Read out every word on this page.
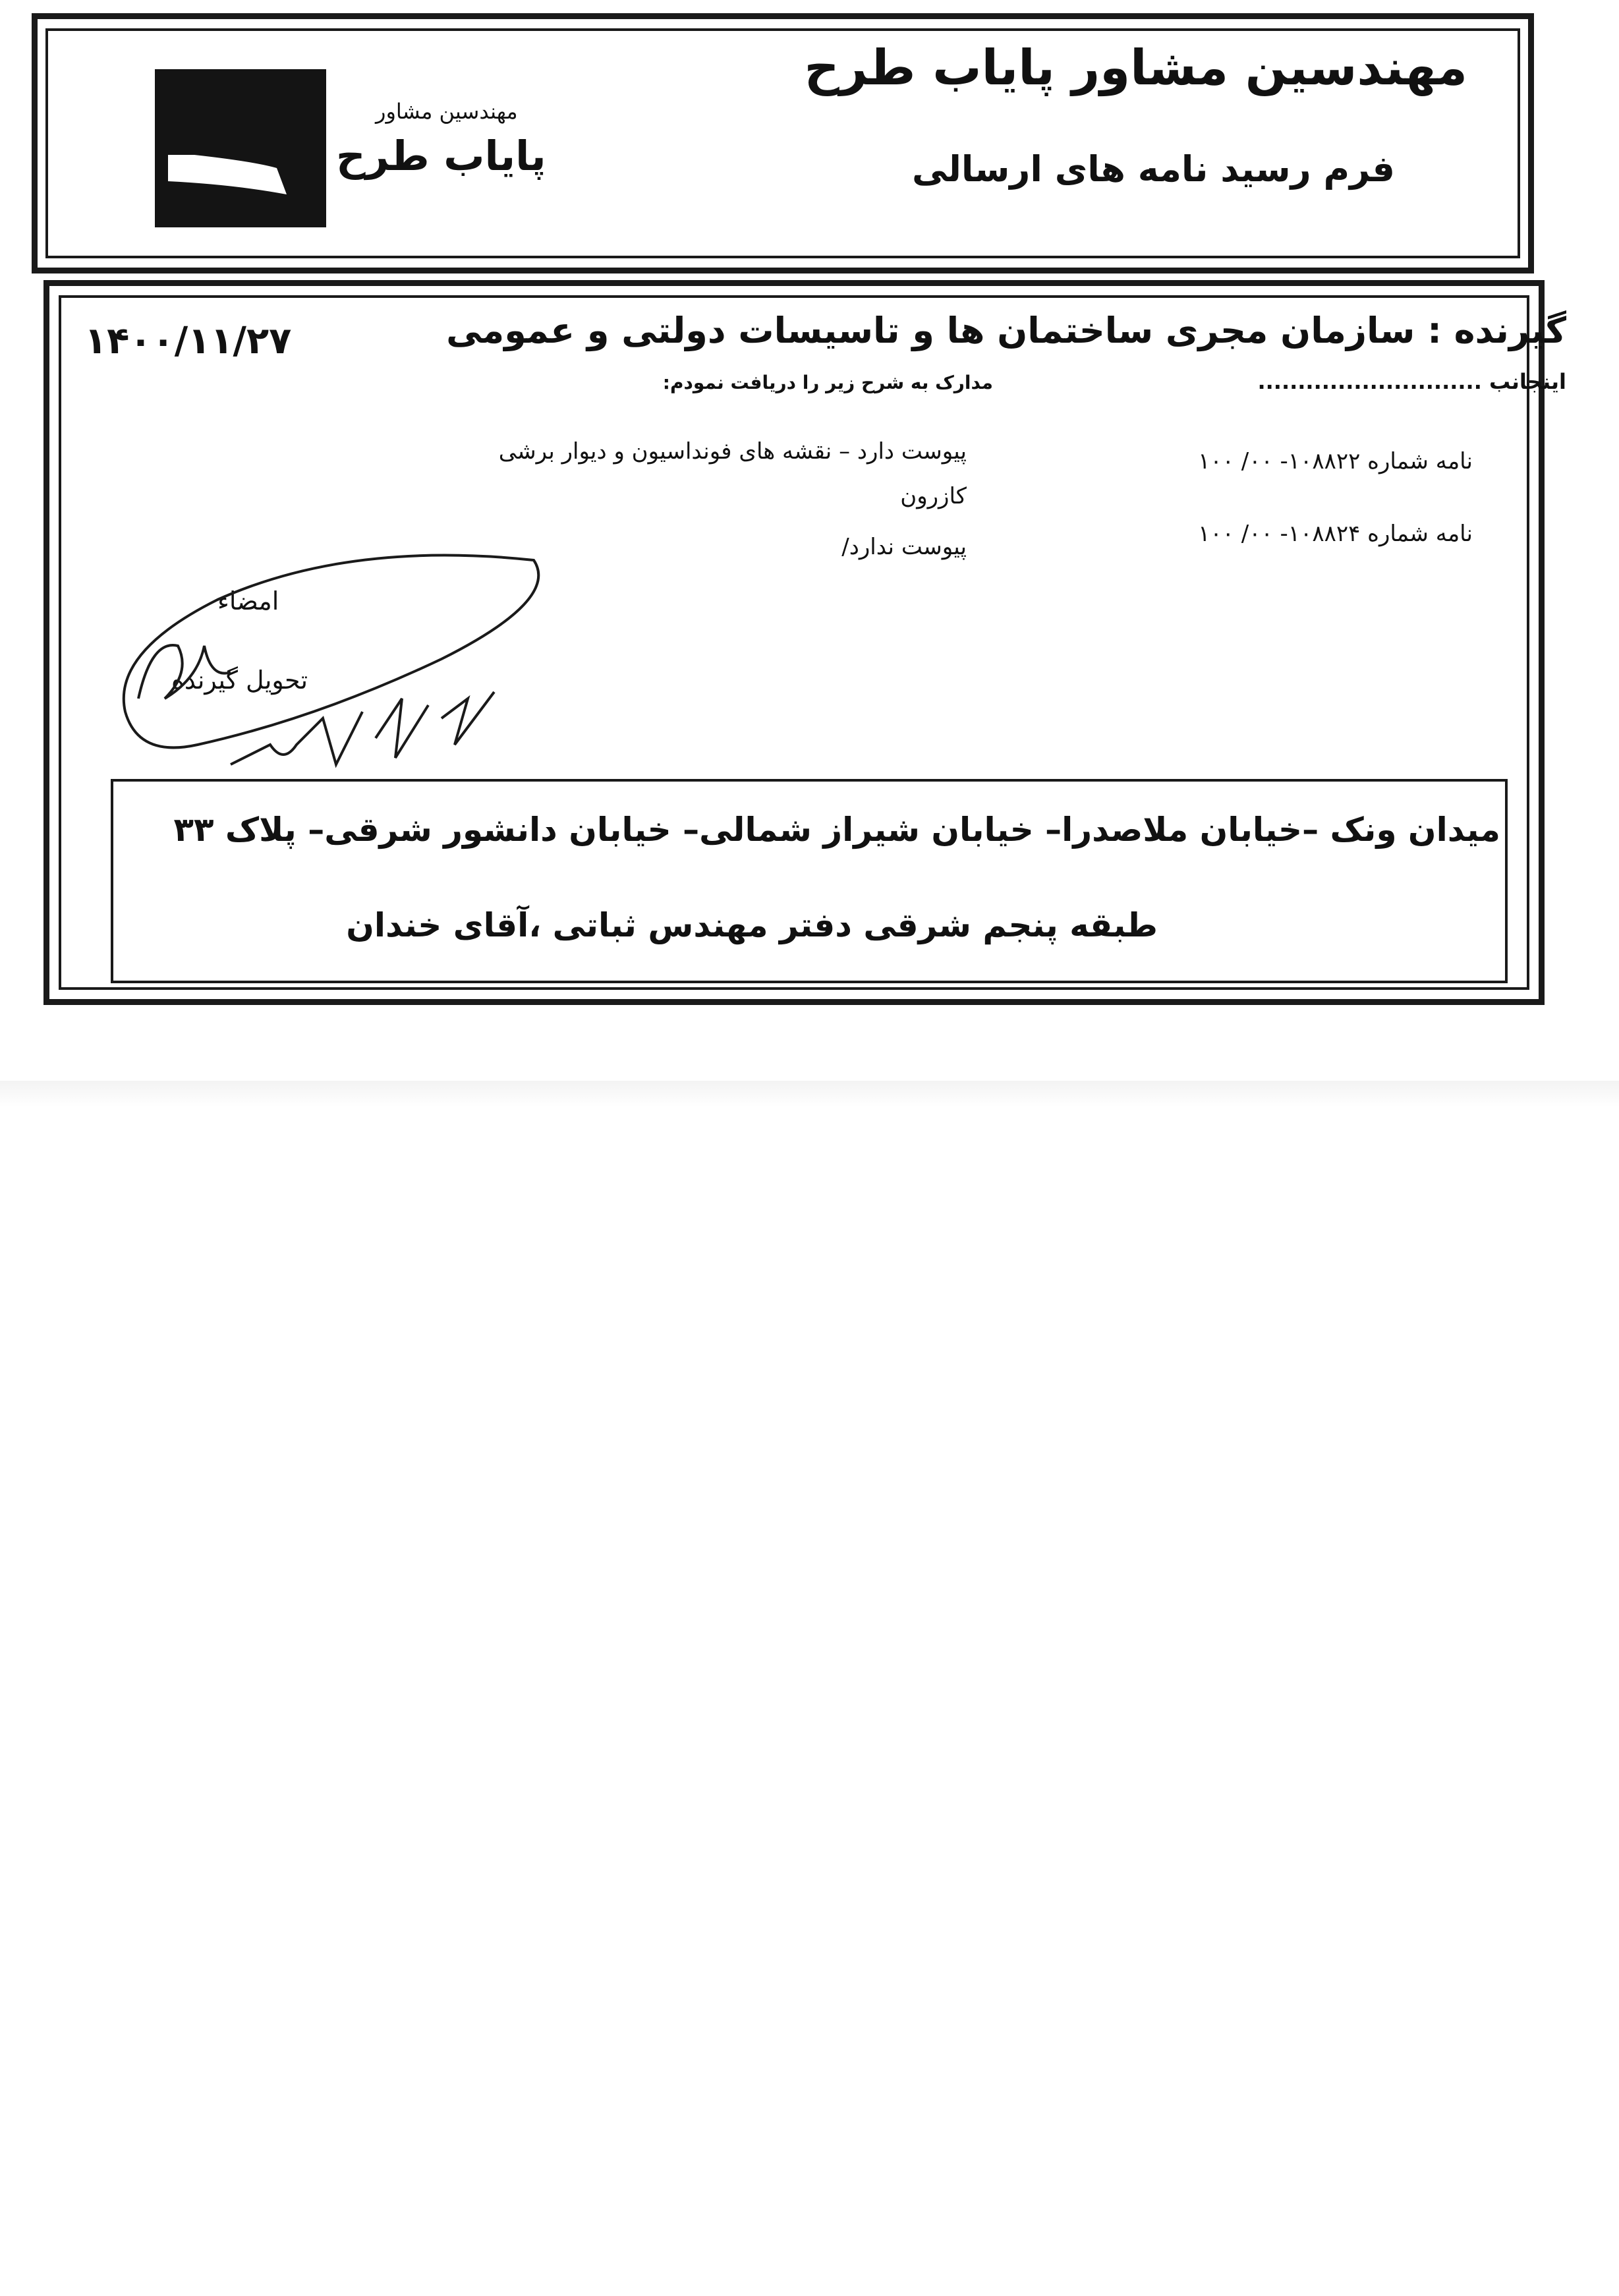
مهندسین مشاور پایاب طرح
فرم رسید نامه های ارسالی
مهندسین مشاور
پایاب طرح
گیرنده : سازمان مجری ساختمان ها و تاسیسات دولتی و عمومی
۱۴۰۰/۱۱/۲۷
اینجانب ............................
مدارک به شرح زیر را دریافت نمودم:
نامه شماره ۱۰۸۸۲۲- ۰۰/ ۱۰۰
پیوست دارد – نقشه های فونداسیون و دیوار برشی
کازرون
نامه شماره ۱۰۸۸۲۴- ۰۰/ ۱۰۰
پیوست ندارد/
امضاء
تحویل گیرنده
میدان ونک –خیابان ملاصدرا– خیابان شیراز شمالی– خیابان دانشور شرقی– پلاک ۳۳
طبقه پنجم شرقی دفتر مهندس ثباتی ،آقای خندان
